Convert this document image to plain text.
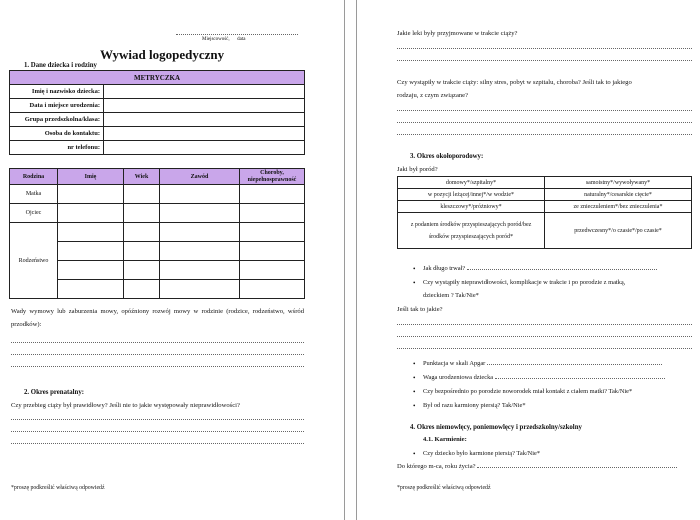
Miejscowość, data
Wywiad logopedyczny
1. Dane dziecka i rodziny
METRYCZKA	
Imię i nazwisko dziecka:	
Data i miejsce urodzenia:	
Grupa przedszkolna/klasa:	
Osoba do kontaktu:	
nr telefonu:	
Rodzina	Imię	Wiek	Zawód	Choroby, niepełnosprawność
Matka				
Ojciec				
Rodzeństwo				

Wady wymowy lub zaburzenia mowy, opóźniony rozwój mowy w rodzinie (rodzice, rodzeństwo, wśród przodków):
2. Okres prenatalny:
Czy przebieg ciąży był prawidłowy? Jeśli nie to jakie występowały nieprawidłowości?
*proszę podkreślić właściwą odpowiedź
Jakie leki były przyjmowane w trakcie ciąży?
Czy wystąpiły w trakcie ciąży: silny stres, pobyt w szpitalu, choroba? Jeśli tak to jakiego
rodzaju, z czym związane?
3. Okres okołoporodowy:
Jaki był poród?
domowy*/szpitalny*	samoistny*/wywoływany*
w pozycji leżącej/innej*/w wodzie*	naturalny*/cesarskie cięcie*
kleszczowy*/próżniowy*	ze znieczuleniem*/bez znieczulenia*
z podaniem środków przyspieszających poród/bez środków przyspieszających poród*	przedwczesny*/o czasie*/po czasie*
• Jak długo trwał?
• Czy wystąpiły nieprawidłowości, komplikacje w trakcie i po porodzie z matką,
dzieckiem ? Tak/Nie*
Jeśli tak to jakie?
• Punktacja w skali Apgar
• Waga urodzeniowa dziecka
• Czy bezpośrednio po porodzie noworodek miał kontakt z ciałem matki? Tak/Nie*
• Był od razu karmiony piersią? Tak/Nie*
4. Okres niemowlęcy, poniemowlęcy i przedszkolny/szkolny
4.1. Karmienie:
• Czy dziecko było karmione piersią? Tak/Nie*
Do którego m-ca, roku życia?
*proszę podkreślić właściwą odpowiedź
